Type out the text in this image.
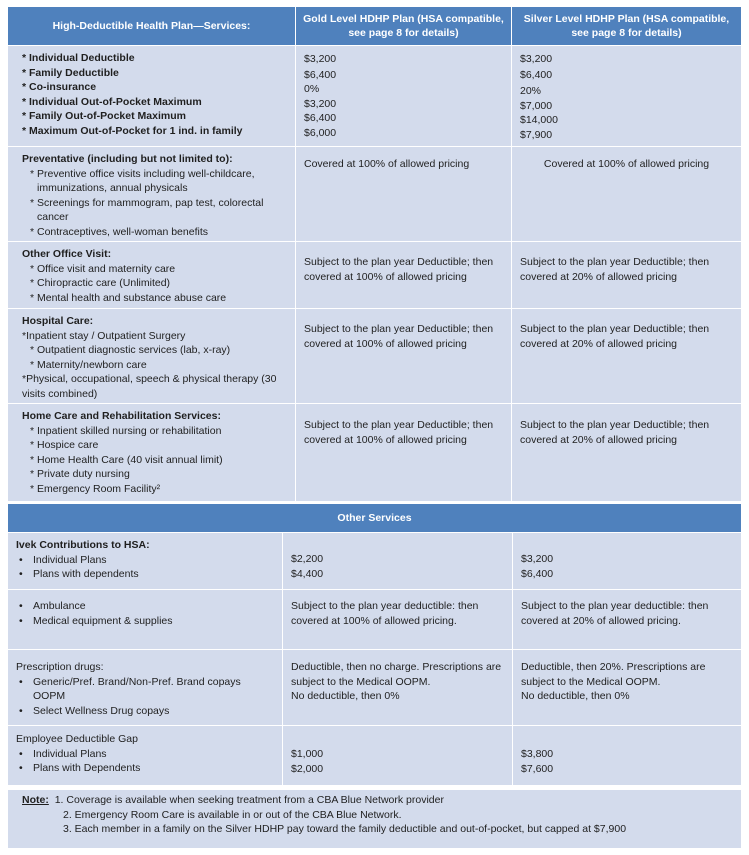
High-Deductible Health Plan—Services:
Gold Level HDHP Plan (HSA compatible, see page 8 for details)
Silver Level HDHP Plan (HSA compatible, see page 8 for details)
* Individual Deductible
* Family Deductible
* Co-insurance
* Individual Out-of-Pocket Maximum
* Family Out-of-Pocket Maximum
* Maximum Out-of-Pocket for 1 ind. in family
$3,200
$6,400
0%
$3,200
$6,400
$6,000
$3,200
$6,400
20%
$7,000
$14,000
$7,900
Preventative (including but not limited to):
* Preventive office visits including well-childcare, immunizations, annual physicals
* Screenings for mammogram, pap test, colorectal cancer
* Contraceptives, well-woman benefits
Covered at 100% of allowed pricing	Covered at 100% of allowed pricing
Other Office Visit:
* Office visit and maternity care
* Chiropractic care (Unlimited)
* Mental health and substance abuse care
Subject to the plan year Deductible; then covered at 100% of allowed pricing
Subject to the plan year Deductible; then covered at 20% of allowed pricing
Hospital Care:
*Inpatient stay / Outpatient Surgery
* Outpatient diagnostic services (lab, x-ray)
* Maternity/newborn care
*Physical, occupational, speech & physical therapy (30 visits combined)
Subject to the plan year Deductible; then covered at 100% of allowed pricing
Subject to the plan year Deductible; then covered at 20% of allowed pricing
Home Care and Rehabilitation Services:
* Inpatient skilled nursing or rehabilitation
* Hospice care
* Home Health Care (40 visit annual limit)
* Private duty nursing
* Emergency Room Facility²
Subject to the plan year Deductible; then covered at 100% of allowed pricing
Subject to the plan year Deductible; then covered at 20% of allowed pricing
Other Services
Ivek Contributions to HSA:
• Individual Plans
• Plans with dependents
$2,200
$4,400
$3,200
$6,400
• Ambulance
• Medical equipment & supplies
Subject to the plan year deductible: then covered at 100% of allowed pricing.
Subject to the plan year deductible: then covered at 20% of allowed pricing.
Prescription drugs:
• Generic/Pref. Brand/Non-Pref. Brand copays OOPM
• Select Wellness Drug copays
Deductible, then no charge. Prescriptions are subject to the Medical OOPM.
No deductible, then 0%
Deductible, then 20%. Prescriptions are subject to the Medical OOPM.
No deductible, then 0%
Employee Deductible Gap
• Individual Plans
• Plans with Dependents
$1,000
$2,000
$3,800
$7,600
Note: 1. Coverage is available when seeking treatment from a CBA Blue Network provider
2. Emergency Room Care is available in or out of the CBA Blue Network.
3. Each member in a family on the Silver HDHP pay toward the family deductible and out-of-pocket, but capped at $7,900
